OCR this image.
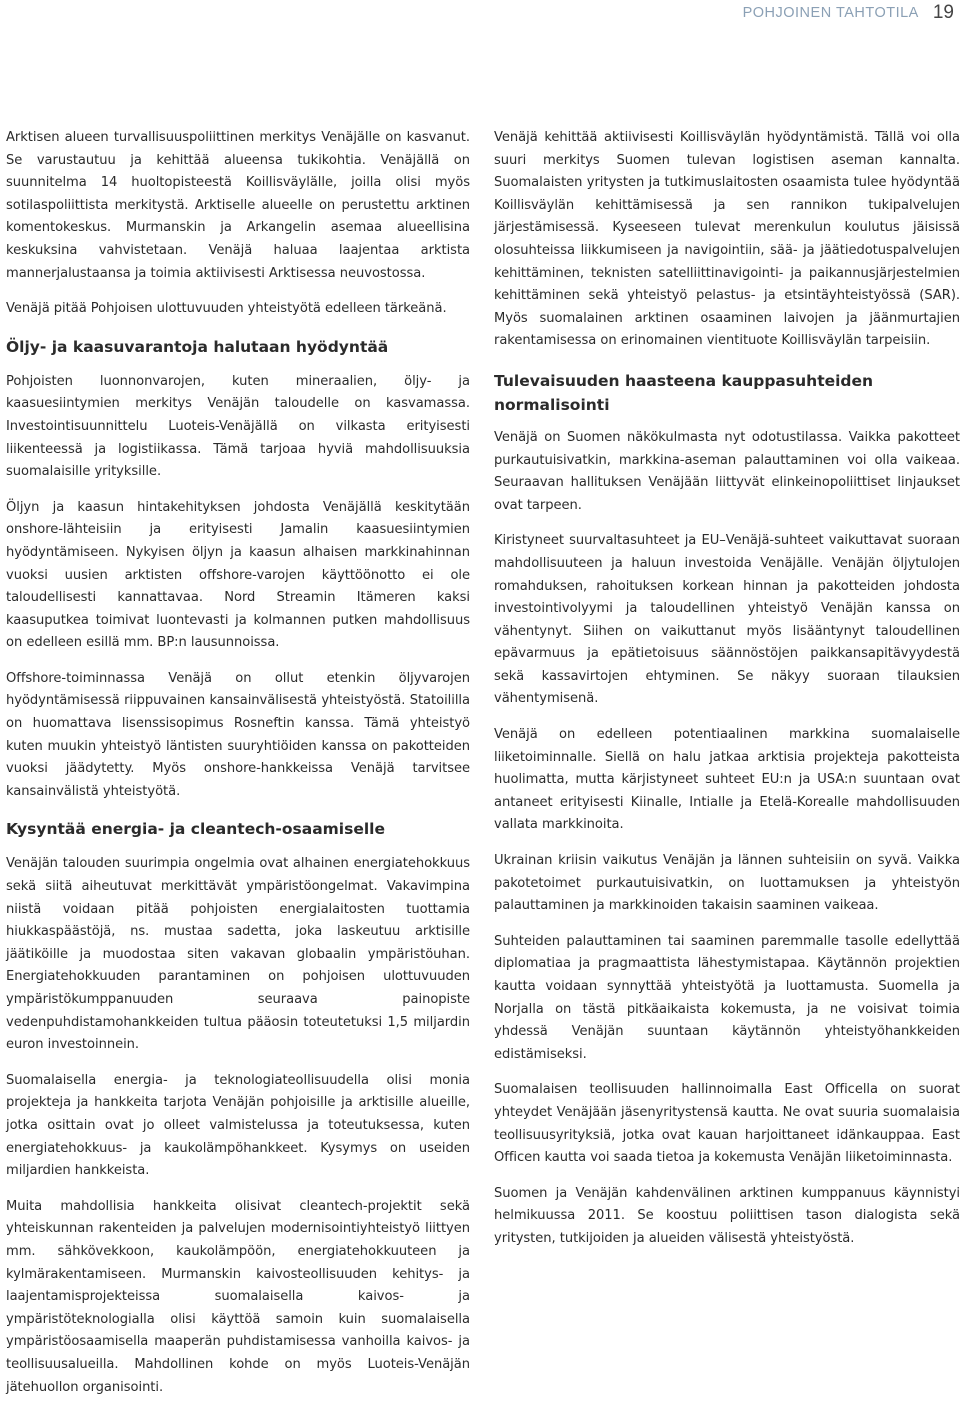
POHJOINEN TAHTOTILA 19

Arktisen alueen turvallisuuspoliittinen merkitys Venäjälle on kasvanut. Se varustautuu ja kehittää alueensa tukikohtia. Venäjällä on suunnitelma 14 huoltopisteestä Koillisväylälle, joilla olisi myös sotilaspoliittista merkitystä. Arktiselle alueelle on perustettu arktinen komentokeskus. Murmanskin ja Arkangelin asemaa alueellisina keskuksina vahvistetaan. Venäjä haluaa laajentaa arktista mannerjalustaansa ja toimia aktiivisesti Arktisessa neuvostossa.

Venäjä pitää Pohjoisen ulottuvuuden yhteistyötä edelleen tärkeänä.

Öljy- ja kaasuvarantoja halutaan hyödyntää

Pohjoisten luonnonvarojen, kuten mineraalien, öljy- ja kaasuesiintymien merkitys Venäjän taloudelle on kasvamassa. Investointisuunnittelu Luoteis-Venäjällä on vilkasta erityisesti liikenteessä ja logistiikassa. Tämä tarjoaa hyviä mahdollisuuksia suomalaisille yrityksille.

Öljyn ja kaasun hintakehityksen johdosta Venäjällä keskitytään onshore-lähteisiin ja erityisesti Jamalin kaasuesiintymien hyödyntämiseen. Nykyisen öljyn ja kaasun alhaisen markkinahinnan vuoksi uusien arktisten offshore-varojen käyttöönotto ei ole taloudellisesti kannattavaa. Nord Streamin Itämeren kaksi kaasuputkea toimivat luontevasti ja kolmannen putken mahdollisuus on edelleen esillä mm. BP:n lausunnoissa.

Offshore-toiminnassa Venäjä on ollut etenkin öljyvarojen hyödyntämisessä riippuvainen kansainvälisestä yhteistyöstä. Statoililla on huomattava lisenssisopimus Rosneftin kanssa. Tämä yhteistyö kuten muukin yhteistyö läntisten suuryhtiöiden kanssa on pakotteiden vuoksi jäädytetty. Myös onshore-hankkeissa Venäjä tarvitsee kansainvälistä yhteistyötä.

Kysyntää energia- ja cleantech-osaamiselle

Venäjän talouden suurimpia ongelmia ovat alhainen energiatehokkuus sekä siitä aiheutuvat merkittävät ympäristöongelmat. Vakavimpina niistä voidaan pitää pohjoisten energialaitosten tuottamia hiukkaspäästöjä, ns. mustaa sadetta, joka laskeutuu arktisille jäätiköille ja muodostaa siten vakavan globaalin ympäristöuhan. Energiatehokkuuden parantaminen on pohjoisen ulottuvuuden ympäristökumppanuuden seuraava painopiste vedenpuhdistamohankkeiden tultua pääosin toteutetuksi 1,5 miljardin euron investoinnein.

Suomalaisella energia- ja teknologiateollisuudella olisi monia projekteja ja hankkeita tarjota Venäjän pohjoisille ja arktisille alueille, jotka osittain ovat jo olleet valmistelussa ja toteutuksessa, kuten energiatehokkuus- ja kaukolämpöhankkeet. Kysymys on useiden miljardien hankkeista.

Muita mahdollisia hankkeita olisivat cleantech-projektit sekä yhteiskunnan rakenteiden ja palvelujen modernisointiyhteistyö liittyen mm. sähkövekkoon, kaukolämpöön, energiatehokkuuteen ja kylmärakentamiseen. Murmanskin kaivosteollisuuden kehitys- ja laajentamisprojekteissa suomalaisella kaivos- ja ympäristöteknologialla olisi käyttöä samoin kuin suomalaisella ympäristöosaamisella maaperän puhdistamisessa vanhoilla kaivos- ja teollisuusalueilla. Mahdollinen kohde on myös Luoteis-Venäjän jätehuollon organisointi.

Venäjä kehittää aktiivisesti Koillisväylän hyödyntämistä. Tällä voi olla suuri merkitys Suomen tulevan logistisen aseman kannalta. Suomalaisten yritysten ja tutkimuslaitosten osaamista tulee hyödyntää Koillisväylän kehittämisessä ja sen rannikon tukipalvelujen järjestämisessä. Kyseeseen tulevat merenkulun koulutus jäisissä olosuhteissa liikkumiseen ja navigointiin, sää- ja jäätiedotuspalvelujen kehittäminen, teknisten satelliittinavigointi- ja paikannusjärjestelmien kehittäminen sekä yhteistyö pelastus- ja etsintäyhteistyössä (SAR). Myös suomalainen arktinen osaaminen laivojen ja jäänmurtajien rakentamisessa on erinomainen vientituote Koillisväylän tarpeisiin.

Tulevaisuuden haasteena kauppasuhteiden normalisointi

Venäjä on Suomen näkökulmasta nyt odotustilassa. Vaikka pakotteet purkautuisivatkin, markkina-aseman palauttaminen voi olla vaikeaa. Seuraavan hallituksen Venäjään liittyvät elinkeinopoliittiset linjaukset ovat tarpeen.

Kiristyneet suurvaltasuhteet ja EU–Venäjä-suhteet vaikuttavat suoraan mahdollisuuteen ja haluun investoida Venäjälle. Venäjän öljytulojen romahduksen, rahoituksen korkean hinnan ja pakotteiden johdosta investointivolyymi ja taloudellinen yhteistyö Venäjän kanssa on vähentynyt. Siihen on vaikuttanut myös lisääntynyt taloudellinen epävarmuus ja epätietoisuus säännöstöjen paikkansapitävyydestä sekä kassavirtojen ehtyminen. Se näkyy suoraan tilauksien vähentymisenä.

Venäjä on edelleen potentiaalinen markkina suomalaiselle liiketoiminnalle. Siellä on halu jatkaa arktisia projekteja pakotteista huolimatta, mutta kärjistyneet suhteet EU:n ja USA:n suuntaan ovat antaneet erityisesti Kiinalle, Intialle ja Etelä-Korealle mahdollisuuden vallata markkinoita.

Ukrainan kriisin vaikutus Venäjän ja lännen suhteisiin on syvä. Vaikka pakotetoimet purkautuisivatkin, on luottamuksen ja yhteistyön palauttaminen ja markkinoiden takaisin saaminen vaikeaa.

Suhteiden palauttaminen tai saaminen paremmalle tasolle edellyttää diplomatiaa ja pragmaattista lähestymistapaa. Käytännön projektien kautta voidaan synnyttää yhteistyötä ja luottamusta. Suomella ja Norjalla on tästä pitkäaikaista kokemusta, ja ne voisivat toimia yhdessä Venäjän suuntaan käytännön yhteistyöhankkeiden edistämiseksi.

Suomalaisen teollisuuden hallinnoimalla East Officella on suorat yhteydet Venäjään jäsenyritystensä kautta. Ne ovat suuria suomalaisia teollisuusyrityksiä, jotka ovat kauan harjoittaneet idänkauppaa. East Officen kautta voi saada tietoa ja kokemusta Venäjän liiketoiminnasta.

Suomen ja Venäjän kahdenvälinen arktinen kumppanuus käynnistyi helmikuussa 2011. Se koostuu poliittisen tason dialogista sekä yritysten, tutkijoiden ja alueiden välisestä yhteistyöstä.
